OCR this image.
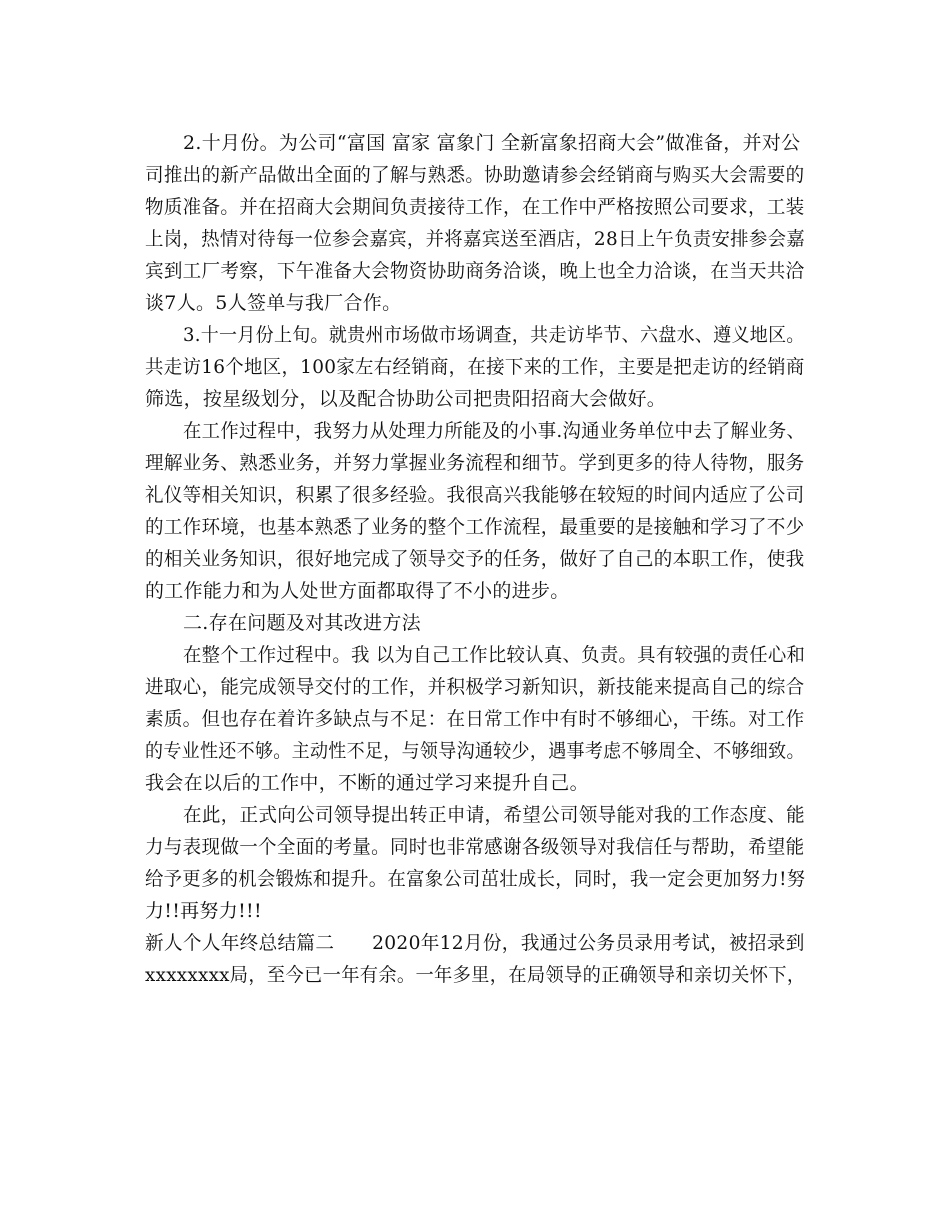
2.十月份。为公司“富国 富家 富象门 全新富象招商大会”做准备，并对公
司推出的新产品做出全面的了解与熟悉。协助邀请参会经销商与购买大会需要的
物质准备。并在招商大会期间负责接待工作，在工作中严格按照公司要求，工装
上岗，热情对待每一位参会嘉宾，并将嘉宾送至酒店，28日上午负责安排参会嘉
宾到工厂考察，下午准备大会物资协助商务洽谈，晚上也全力洽谈，在当天共洽
谈7人。5人签单与我厂合作。
3.十一月份上旬。就贵州市场做市场调查，共走访毕节、六盘水、遵义地区。
共走访16个地区，100家左右经销商，在接下来的工作，主要是把走访的经销商
筛选，按星级划分，以及配合协助公司把贵阳招商大会做好。
在工作过程中，我努力从处理力所能及的小事.沟通业务单位中去了解业务、
理解业务、熟悉业务，并努力掌握业务流程和细节。学到更多的待人待物，服务
礼仪等相关知识，积累了很多经验。我很高兴我能够在较短的时间内适应了公司
的工作环境，也基本熟悉了业务的整个工作流程，最重要的是接触和学习了不少
的相关业务知识，很好地完成了领导交予的任务，做好了自己的本职工作，使我
的工作能力和为人处世方面都取得了不小的进步。
二.存在问题及对其改进方法
在整个工作过程中。我 以为自己工作比较认真、负责。具有较强的责任心和
进取心，能完成领导交付的工作，并积极学习新知识，新技能来提高自己的综合
素质。但也存在着许多缺点与不足：在日常工作中有时不够细心，干练。对工作
的专业性还不够。主动性不足，与领导沟通较少，遇事考虑不够周全、不够细致。
我会在以后的工作中，不断的通过学习来提升自己。
在此，正式向公司领导提出转正申请，希望公司领导能对我的工作态度、能
力与表现做一个全面的考量。同时也非常感谢各级领导对我信任与帮助，希望能
给予更多的机会锻炼和提升。在富象公司茁壮成长，同时，我一定会更加努力!努
力!!再努力!!!
新人个人年终总结篇二　　2020年12月份，我通过公务员录用考试，被招录到
xxxxxxxx局，至今已一年有余。一年多里，在局领导的正确领导和亲切关怀下，
